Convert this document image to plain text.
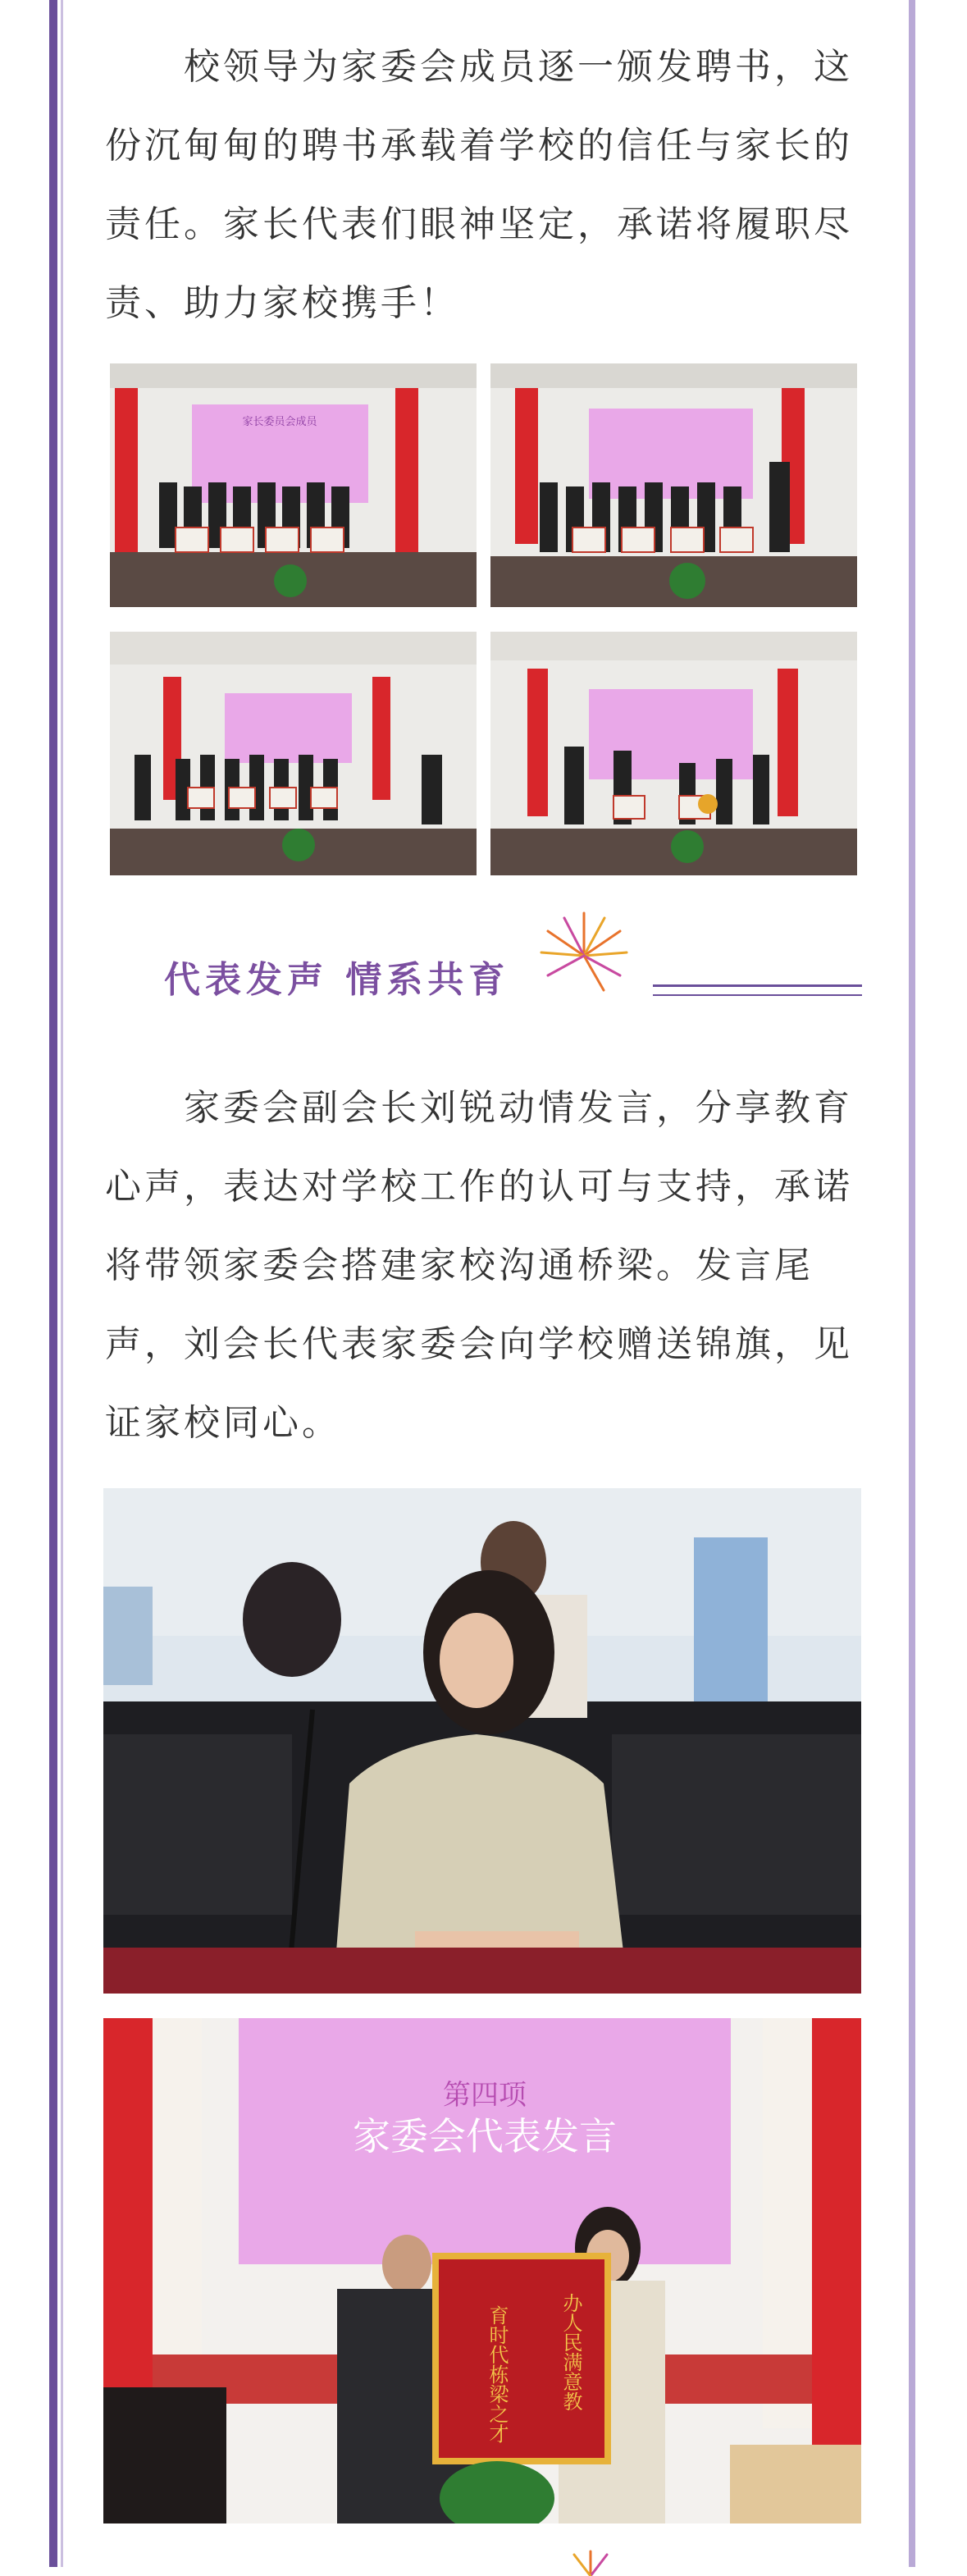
校领导为家委会成员逐一颁发聘书，这份沉甸甸的聘书承载着学校的信任与家长的责任。家长代表们眼神坚定，承诺将履职尽责、助力家校携手！

家长委员会成员
代表发声 情系共育

家委会副会长刘锐动情发言，分享教育心声，表达对学校工作的认可与支持，承诺将带领家委会搭建家校沟通桥梁。发言尾声，刘会长代表家委会向学校赠送锦旗，见证家校同心。

第四项
家委会代表发言
办人民满意教
育时代栋梁之才
